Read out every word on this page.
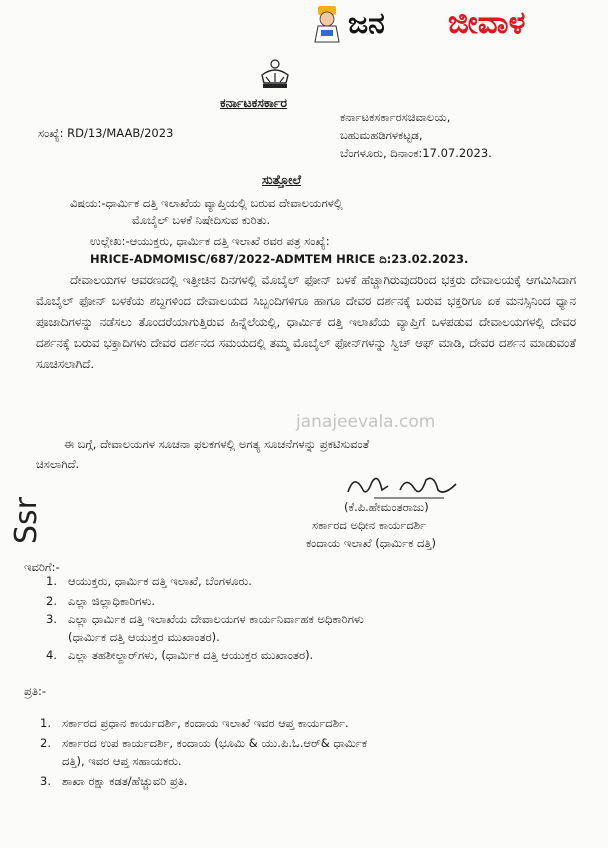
ಜನ ಜೀವಾಳ
ಕರ್ನಾಟಕಸರ್ಕಾರ
ಸಂಖ್ಯೆ: RD/13/MAAB/2023
ಕರ್ನಾಟಕಸರ್ಕಾರಸಚಿವಾಲಯ,
ಬಹುಮಹಡಿಗಳಕಟ್ಟಡ,
ಬೆಂಗಳೂರು, ದಿನಾಂಕ:17.07.2023.
ಸುತ್ತೋಲೆ
ವಿಷಯ:-ಧಾರ್ಮಿಕ ದತ್ತಿ ಇಲಾಖೆಯ ವ್ಯಾಪ್ತಿಯಲ್ಲಿ ಬರುವ ದೇವಾಲಯಗಳಲ್ಲಿ
ಮೊಬೈಲ್ ಬಳಕೆ ನಿಷೇದಿಸುವ ಕುರಿತು.
ಉಲ್ಲೇಖ:-ಆಯುಕ್ತರು, ಧಾರ್ಮಿಕ ದತ್ತಿ ಇಲಾಖೆ ರವರ ಪತ್ರ ಸಂಖ್ಯೆ:
HRICE-ADMOMISC/687/2022-ADMTEM HRICE ದಿ:23.02.2023.
ದೇವಾಲಯಗಳ ಆವರಣದಲ್ಲಿ ಇತ್ತೀಚಿನ ದಿನಗಳಲ್ಲಿ ಮೊಬೈಲ್ ಫೋನ್ ಬಳಕೆ ಹೆಚ್ಚಾಗಿರುವುದರಿಂದ ಭಕ್ತರು ದೇವಾಲಯಕ್ಕೆ ಆಗಮಿಸಿದಾಗ ಮೊಬೈಲ್ ಫೋನ್ ಬಳಕೆಯ ಶಬ್ದಗಳಿಂದ ದೇವಾಲಯದ ಸಿಬ್ಬಂದಿಗಳಿಗೂ ಹಾಗೂ ದೇವರ ದರ್ಶನಕ್ಕೆ ಬರುವ ಭಕ್ತರಿಗೂ ಏಕ ಮನಸ್ಸಿನಿಂದ ಧ್ಯಾನ ಪೂಜಾದಿಗಳನ್ನು ನಡೆಸಲು ತೊಂದರೆಯಾಗುತ್ತಿರುವ ಹಿನ್ನೆಲೆಯಲ್ಲಿ, ಧಾರ್ಮಿಕ ದತ್ತಿ ಇಲಾಖೆಯ ವ್ಯಾಪ್ತಿಗೆ ಒಳಪಡುವ ದೇವಾಲಯಗಳಲ್ಲಿ ದೇವರ ದರ್ಶನಕ್ಕೆ ಬರುವ ಭಕ್ತಾದಿಗಳು ದೇವರ ದರ್ಶನದ ಸಮಯದಲ್ಲಿ ತಮ್ಮ ಮೊಬೈಲ್ ಫೋನ್‌ಗಳನ್ನು ಸ್ವಿಚ್ ಆಫ್ ಮಾಡಿ, ದೇವರ ದರ್ಶನ ಮಾಡುವಂತೆ ಸೂಚಿಸಲಾಗಿದೆ.
janajeevala.com
ಈ ಬಗ್ಗೆ, ದೇವಾಲಯಗಳ ಸೂಚನಾ ಫಲಕಗಳಲ್ಲಿ ಅಗತ್ಯ ಸೂಚನೆಗಳನ್ನು ಪ್ರಕಟಿಸುವಂತೆ
ಚಿಸಲಾಗಿದೆ.
(ಕೆ.ಪಿ.ಹೇಮಂತರಾಜು)
ಸರ್ಕಾರದ ಅಧೀನ ಕಾರ್ಯದರ್ಶಿ
ಕಂದಾಯ ಇಲಾಖೆ (ಧಾರ್ಮಿಕ ದತ್ತಿ)
Ssr
ಇವರಿಗೆ:-
1. ಆಯುಕ್ತರು, ಧಾರ್ಮಿಕ ದತ್ತಿ ಇಲಾಖೆ, ಬೆಂಗಳೂರು.
2. ಎಲ್ಲಾ ಜಿಲ್ಲಾಧಿಕಾರಿಗಳು.
3. ಎಲ್ಲಾ ಧಾರ್ಮಿಕ ದತ್ತಿ ಇಲಾಖೆಯ ದೇವಾಲಯಗಳ ಕಾರ್ಯನಿರ್ವಾಹಕ ಅಧಿಕಾರಿಗಳು
(ಧಾರ್ಮಿಕ ದತ್ತಿ ಆಯುಕ್ತರ ಮುಖಾಂತರ).
4. ಎಲ್ಲಾ ತಹಶೀಲ್ದಾರ್‌ಗಳು, (ಧಾರ್ಮಿಕ ದತ್ತಿ ಆಯುಕ್ತರ ಮುಖಾಂತರ).
ಪ್ರತಿ:-
1. ಸರ್ಕಾರದ ಪ್ರಧಾನ ಕಾರ್ಯದರ್ಶಿ, ಕಂದಾಯ ಇಲಾಖೆ ಇವರ ಆಪ್ತ ಕಾರ್ಯದರ್ಶಿ.
2. ಸರ್ಕಾರದ ಉಪ ಕಾರ್ಯದರ್ಶಿ, ಕಂದಾಯ (ಭೂಮಿ & ಯು.ಪಿ.ಓ.ಆರ್& ಧಾರ್ಮಿಕ
ದತ್ತಿ), ಇವರ ಆಪ್ತ ಸಹಾಯಕರು.
3. ಶಾಖಾ ರಕ್ಷಾ ಕಡತ/ಹೆಚ್ಚುವರಿ ಪ್ರತಿ.
